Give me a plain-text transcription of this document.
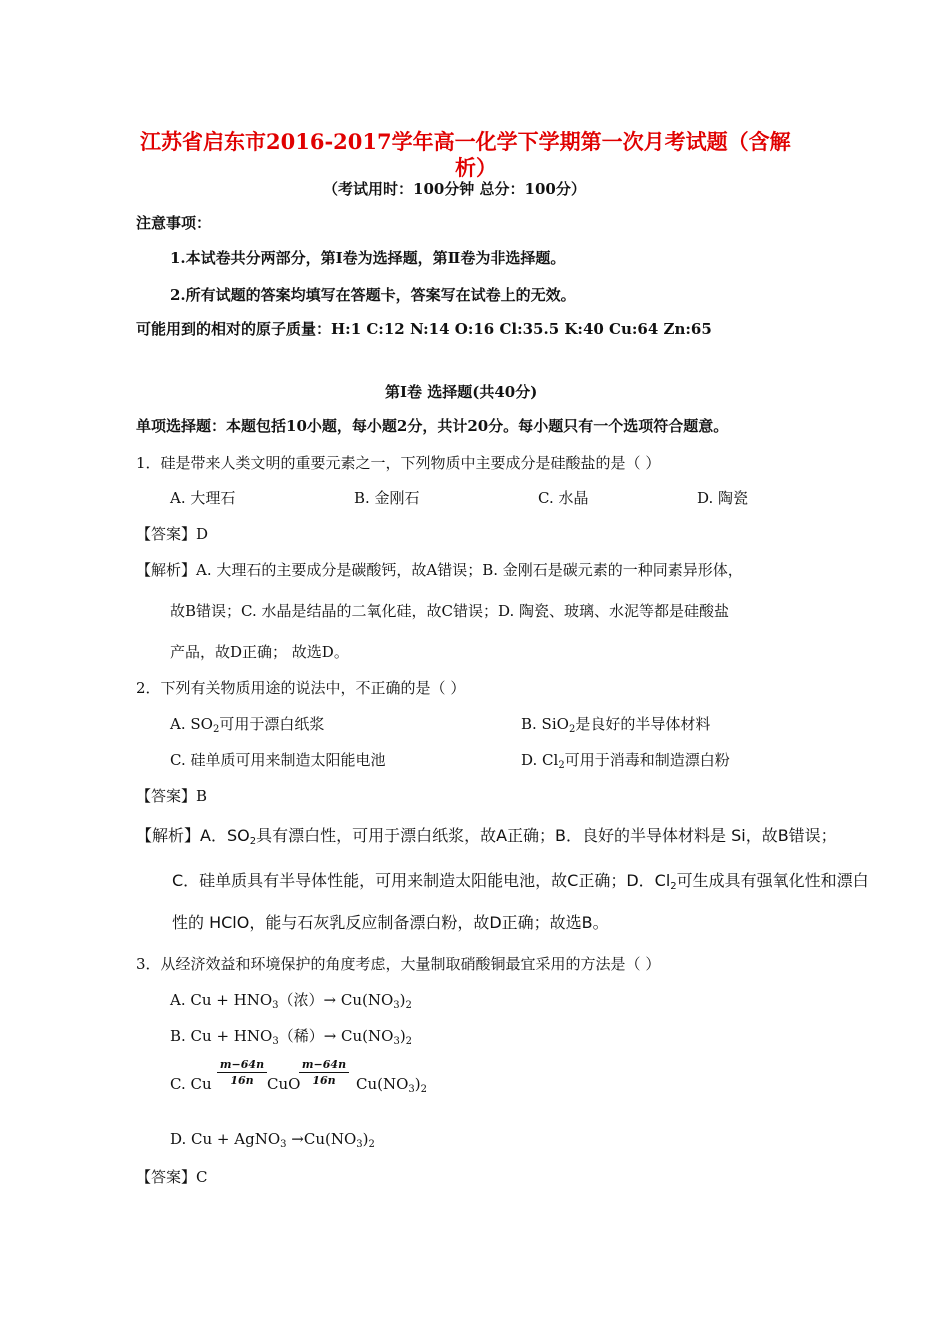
江苏省启东市2016-2017学年高一化学下学期第一次月考试题（含解
析）
（考试用时：100分钟 总分：100分）
注意事项：
1.本试卷共分两部分，第Ⅰ卷为选择题，第Ⅱ卷为非选择题。
2.所有试题的答案均填写在答题卡，答案写在试卷上的无效。
可能用到的相对的原子质量：H:1 C:12 N:14 O:16 Cl:35.5 K:40 Cu:64 Zn:65
第Ⅰ卷 选择题(共40分)
单项选择题：本题包括10小题，每小题2分，共计20分。每小题只有一个选项符合题意。
1．硅是带来人类文明的重要元素之一，下列物质中主要成分是硅酸盐的是（ ）
A. 大理石	B. 金刚石	C. 水晶	D. 陶瓷
【答案】D
【解析】A. 大理石的主要成分是碳酸钙，故A错误；B. 金刚石是碳元素的一种同素异形体，
故B错误；C. 水晶是结晶的二氧化硅，故C错误；D. 陶瓷、玻璃、水泥等都是硅酸盐
产品，故D正确； 故选D。
2．下列有关物质用途的说法中，不正确的是（ ）
A. $SO_2$可用于漂白纸浆	B. SiO$_2$是良好的半导体材料
C. 硅单质可用来制造太阳能电池	D. $Cl_2$可用于消毒和制造漂白粉
【答案】B
【解析】A．$SO_2$具有漂白性，可用于漂白纸浆，故A正确；B．良好的半导体材料是 Si，故B错误；
C．硅单质具有半导体性能，可用来制造太阳能电池，故C正确；D．$Cl_2$可生成具有强氧化性和漂白
性的 HClO，能与石灰乳反应制备漂白粉，故D正确；故选B。
3．从经济效益和环境保护的角度考虑，大量制取硝酸铜最宜采用的方法是（ ）
A. $Cu + HNO_3$（浓）→ $Cu(NO_3)_2$
B. $Cu + HNO_3$（稀）→ $Cu(NO_3)_2$
C. Cu
m−64n
16n CuO
m−64n
16n	$Cu(NO_3)_2$
D. Cu + AgNO$_3$ $\to Cu(NO_3)_2$
【答案】C
